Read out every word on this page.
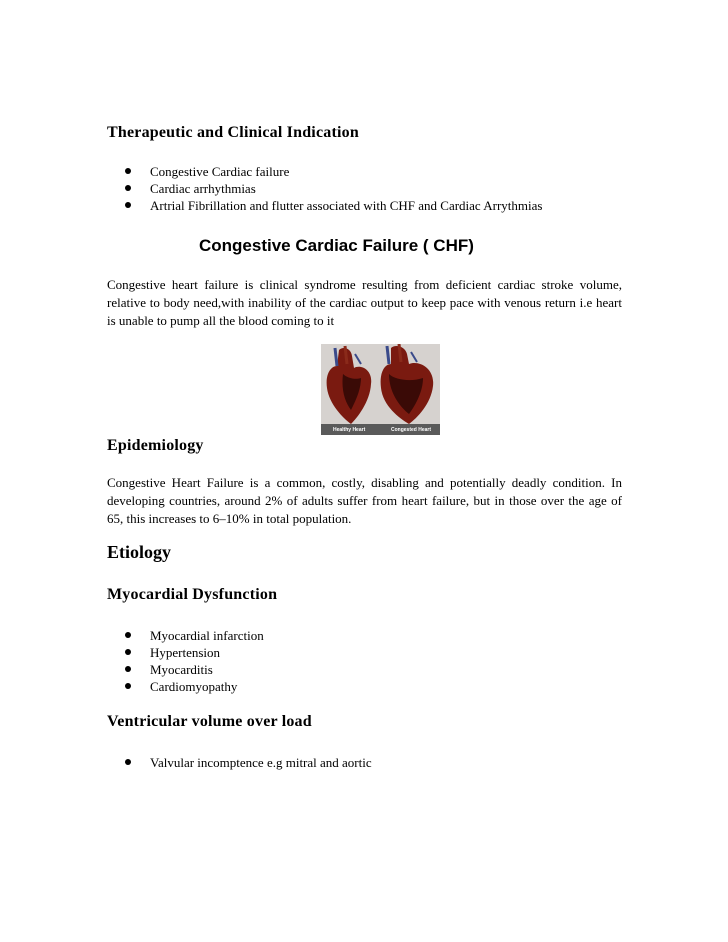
Therapeutic and Clinical Indication
Congestive Cardiac failure
Cardiac arrhythmias
Artrial Fibrillation and flutter associated with CHF and Cardiac Arrythmias
Congestive Cardiac Failure ( CHF)

Congestive heart failure is clinical syndrome resulting from deficient cardiac stroke volume, relative to body need,with inability of the cardiac output to keep pace with venous return i.e heart is unable to pump all the blood coming to it

Healthy Heart	Congested Heart
Epidemiology

Congestive Heart Failure is a common, costly, disabling and potentially deadly condition. In developing countries, around 2% of adults suffer from heart failure, but in those over the age of 65, this increases to 6–10% in total population.

Etiology
Myocardial Dysfunction
Myocardial infarction
Hypertension
Myocarditis
Cardiomyopathy
Ventricular volume over load
Valvular incomptence e.g mitral and aortic
